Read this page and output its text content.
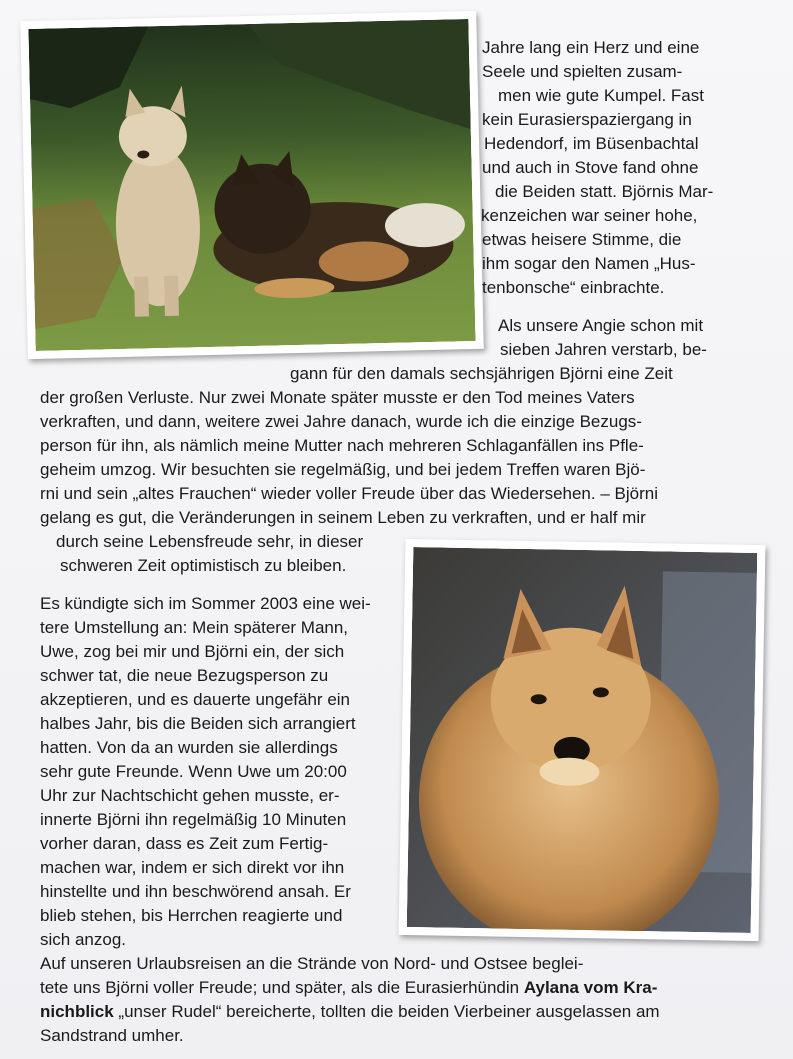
Jahre lang ein Herz und eine
Seele und spielten zusam-
men wie gute Kumpel. Fast
kein Eurasierspaziergang in
Hedendorf, im Büsenbachtal
und auch in Stove fand ohne
die Beiden statt. Björnis Mar-
kenzeichen war seiner hohe,
etwas heisere Stimme, die
ihm sogar den Namen „Hus-
tenbonsche“ einbrachte.
Als unsere Angie schon mit
sieben Jahren verstarb, be-
gann für den damals sechsjährigen Björni eine Zeit
der großen Verluste. Nur zwei Monate später musste er den Tod meines Vaters
verkraften, und dann, weitere zwei Jahre danach, wurde ich die einzige Bezugs-
person für ihn, als nämlich meine Mutter nach mehreren Schlaganfällen ins Pfle-
geheim umzog. Wir besuchten sie regelmäßig, und bei jedem Treffen waren Bjö-
rni und sein „altes Frauchen“ wieder voller Freude über das Wiedersehen. – Björni
gelang es gut, die Veränderungen in seinem Leben zu verkraften, und er half mir
durch seine Lebensfreude sehr, in dieser
schweren Zeit optimistisch zu bleiben.
Es kündigte sich im Sommer 2003 eine wei-
tere Umstellung an: Mein späterer Mann,
Uwe, zog bei mir und Björni ein, der sich
schwer tat, die neue Bezugsperson zu
akzeptieren, und es dauerte ungefähr ein
halbes Jahr, bis die Beiden sich arrangiert
hatten. Von da an wurden sie allerdings
sehr gute Freunde. Wenn Uwe um 20:00
Uhr zur Nachtschicht gehen musste, er-
innerte Björni ihn regelmäßig 10 Minuten
vorher daran, dass es Zeit zum Fertig-
machen war, indem er sich direkt vor ihn
hinstellte und ihn beschwörend ansah. Er
blieb stehen, bis Herrchen reagierte und
sich anzog.
Auf unseren Urlaubsreisen an die Strände von Nord- und Ostsee beglei-
tete uns Björni voller Freude; und später, als die Eurasierhündin Aylana vom Kra-
nichblick „unser Rudel“ bereicherte, tollten die beiden Vierbeiner ausgelassen am
Sandstrand umher.
